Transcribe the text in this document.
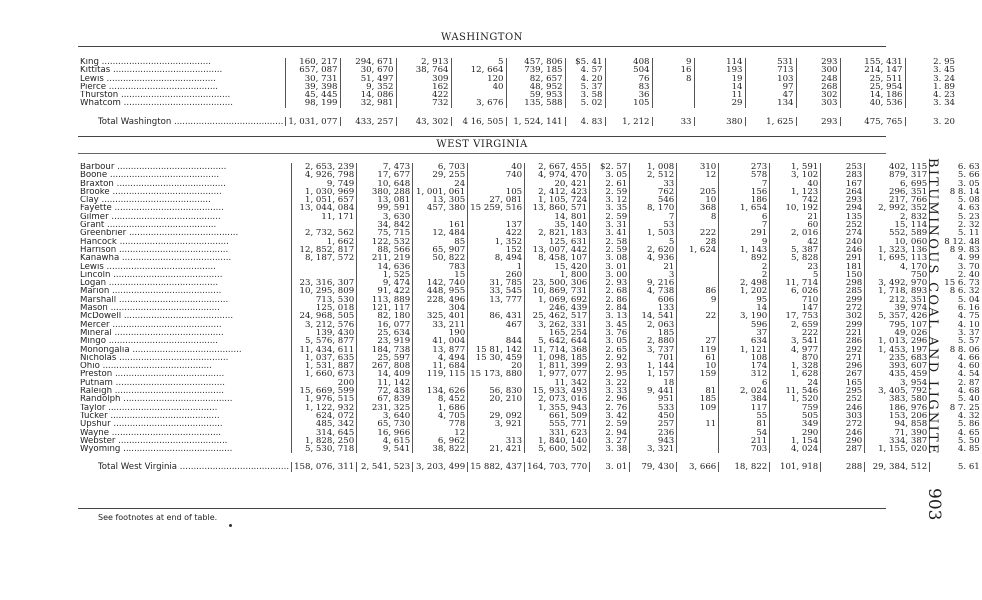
WASHINGTON
King ........................................	160, 217	294, 671	2, 913	5	457, 806	$5. 41	408	9	114	531	293	155, 431	2. 95
Kittitas ........................................	657, 087	30, 670	38, 764	12, 664	739, 185	4. 57	504	16	193	713	300	214, 147	3. 45
Lewis ........................................	30, 731	51, 497	309	120	82, 657	4. 20	76	8	19	103	248	25, 511	3. 24
Pierce ........................................	39, 398	9, 352	162	40	48, 952	5. 37	83		14	97	268	25, 954	1. 89
Thurston ........................................	45, 445	14, 086	422		59, 953	3. 58	36		11	47	302	14, 186	4. 23
Whatcom ........................................	98, 199	32, 981	732	3, 676	135, 588	5. 02	105		29	134	303	40, 536	3. 34

Total Washington ........................................	1, 031, 077	433, 257	43, 302	4 16, 505	1, 524, 141	4. 83	1, 212	33	380	1, 625	293	475, 765	3. 20
WEST VIRGINIA
Barbour ........................................	2, 653, 239	7, 473	6, 703	40	2, 667, 455	$2. 57	1, 008	310	273	1, 591	253	402, 115	6. 63
Boone ........................................	4, 926, 798	17, 677	29, 255	740	4, 974, 470	3. 05	2, 512	12	578	3, 102	283	879, 317	5. 66
Braxton ........................................	9, 749	10, 648	24		20, 421	2. 61	33		7	40	167	6, 695	3. 05
Brooke ........................................	1, 030, 969	380, 288	1, 001, 061	105	2, 412, 423	2. 59	762	205	156	1, 123	264	296, 351	8 8. 14
Clay ........................................	1, 051, 657	13, 081	13, 305	27, 081	1, 105, 724	3. 12	546	10	186	742	293	217, 766	5. 08
Fayette ........................................	13, 044, 084	99, 591	457, 380	15 259, 516	13, 860, 571	3. 35	8, 170	368	1, 654	10, 192	294	2, 992, 352	4. 63
Gilmer ........................................	11, 171	3, 630			14, 801	2. 59	7	8	6	21	135	2, 832	5. 23
Grant ........................................		34, 842	161	137	35, 140	3. 31	53		7	60	252	15, 114	2. 32
Greenbrier ........................................	2, 732, 562	75, 715	12, 484	422	2, 821, 183	3. 41	1, 503	222	291	2, 016	274	552, 589	5. 11
Hancock ........................................	1, 662	122, 532	85	1, 352	125, 631	2. 58	5	28	9	42	240	10, 060	8 12. 48
Harrison ........................................	12, 852, 817	88, 566	65, 907	152	13, 007, 442	2. 59	2, 620	1, 624	1, 143	5, 387	246	1, 323, 136	8 9. 83
Kanawha ........................................	8, 187, 572	211, 219	50, 822	8, 494	8, 458, 107	3. 08	4, 936		892	5, 828	291	1, 695, 113	4. 99
Lewis ........................................		14, 636	783	1	15, 420	3. 01	21		2	23	181	4, 170	3. 70
Lincoln ........................................		1, 525	15	260	1, 800	3. 00	3		2	5	150	750	2. 40
Logan ........................................	23, 316, 307	9, 474	142, 740	31, 785	23, 500, 306	2. 93	9, 216		2, 498	11, 714	298	3, 492, 970	15 6. 73
Marion ........................................	10, 295, 809	91, 422	448, 955	33, 545	10, 869, 731	2. 68	4, 738	86	1, 202	6, 026	285	1, 718, 893	8 6. 32
Marshall ........................................	713, 530	113, 889	228, 496	13, 777	1, 069, 692	2. 86	606	9	95	710	299	212, 351	5. 04
Mason ........................................	125, 018	121, 117	304		246, 439	2. 84	133		14	147	272	39, 974	6. 16
McDowell ........................................	24, 968, 505	82, 180	325, 401	86, 431	25, 462, 517	3. 13	14, 541	22	3, 190	17, 753	302	5, 357, 426	4. 75
Mercer ........................................	3, 212, 576	16, 077	33, 211	467	3, 262, 331	3. 45	2, 063		596	2, 659	299	795, 107	4. 10
Mineral ........................................	139, 430	25, 634	190		165, 254	3. 76	185		37	222	221	49, 026	3. 37
Mingo ........................................	5, 576, 877	23, 919	41, 004	844	5, 642, 644	3. 05	2, 880	27	634	3, 541	286	1, 013, 296	5. 57
Monongalia ........................................	11, 434, 611	184, 738	13, 877	15 81, 142	11, 714, 368	2. 65	3, 737	119	1, 121	4, 977	292	1, 453, 197	8 8. 06
Nicholas ........................................	1, 037, 635	25, 597	4, 494	15 30, 459	1, 098, 185	2. 92	701	61	108	870	271	235, 683	4. 66
Ohio ........................................	1, 531, 887	267, 808	11, 684	20	1, 811, 399	2. 93	1, 144	10	174	1, 328	296	393, 607	4. 60
Preston ........................................	1, 660, 673	14, 409	119, 115	15 173, 880	1, 977, 077	2. 95	1, 157	159	312	1, 628	267	435, 459	4. 54
Putnam ........................................	200	11, 142			11, 342	3. 22	18		6	24	165	3, 954	2. 87
Raleigh ........................................	15, 669, 599	72, 438	134, 626	56, 830	15, 933, 493	3. 33	9, 441	81	2, 024	11, 546	295	3, 405, 792	4. 68
Randolph ........................................	1, 976, 515	67, 839	8, 452	20, 210	2, 073, 016	2. 96	951	185	384	1, 520	252	383, 580	5. 40
Taylor ........................................	1, 122, 932	231, 325	1, 686		1, 355, 943	2. 76	533	109	117	759	246	186, 976	8 7. 25
Tucker ........................................	624, 072	3, 640	4, 705	29, 092	661, 509	3. 42	450		55	505	303	153, 206	4. 32
Upshur ........................................	485, 342	65, 730	778	3, 921	555, 771	2. 59	257	11	81	349	272	94, 858	5. 86
Wayne ........................................	314, 645	16, 966	12		331, 623	2. 94	236		54	290	246	71, 390	4. 65
Webster ........................................	1, 828, 250	4, 615	6, 962	313	1, 840, 140	3. 27	943		211	1, 154	290	334, 387	5. 50
Wyoming ........................................	5, 530, 718	9, 541	38, 822	21, 421	5, 600, 502	3. 38	3, 321		703	4, 024	287	1, 155, 020	4. 85

Total West Virginia ........................................	158, 076, 311	2, 541, 523	3, 203, 499	15 882, 437	164, 703, 770	3. 01	79, 430	3, 666	18, 822	101, 918	288	29, 384, 512	5. 61
See footnotes at end of table.
BITUMINOUS COAL AND LIGNITE
903
